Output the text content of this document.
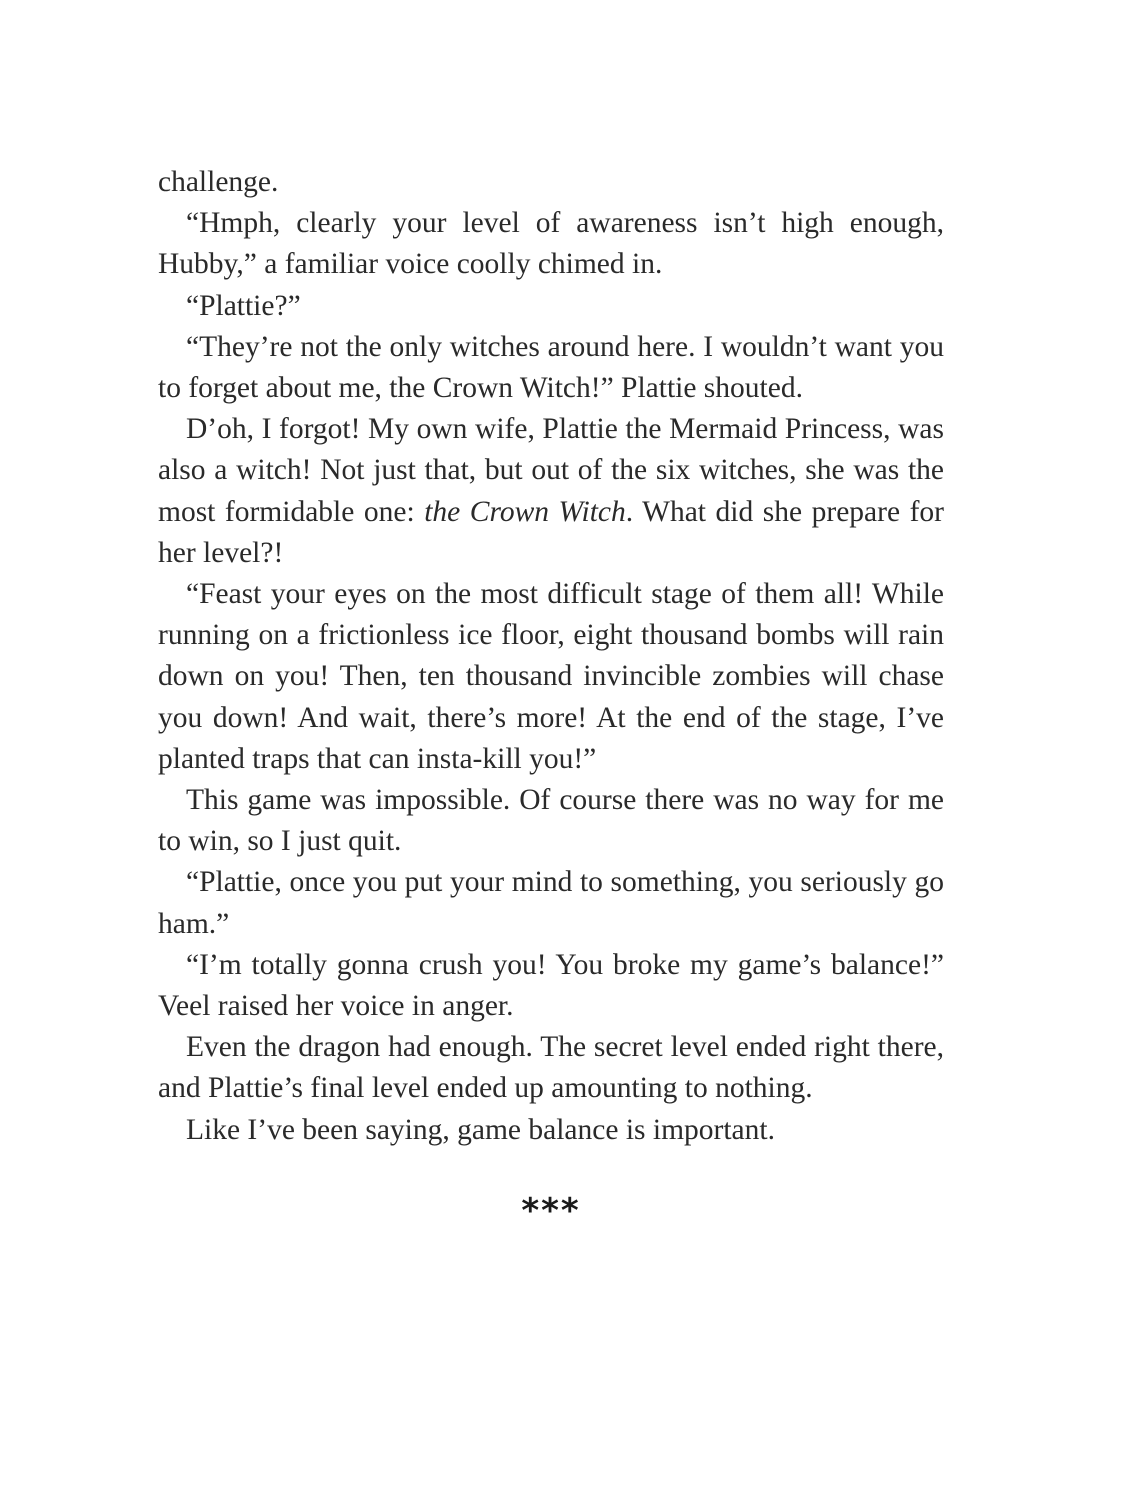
challenge.

“Hmph, clearly your level of awareness isn’t high enough, Hubby,” a familiar voice coolly chimed in.

“Plattie?”

“They’re not the only witches around here. I wouldn’t want you to forget about me, the Crown Witch!” Plattie shouted.

D’oh, I forgot! My own wife, Plattie the Mermaid Princess, was also a witch! Not just that, but out of the six witches, she was the most formidable one: the Crown Witch. What did she prepare for her level?!

“Feast your eyes on the most difficult stage of them all! While running on a frictionless ice floor, eight thousand bombs will rain down on you! Then, ten thousand invincible zombies will chase you down! And wait, there’s more! At the end of the stage, I’ve planted traps that can insta-kill you!”

This game was impossible. Of course there was no way for me to win, so I just quit.

“Plattie, once you put your mind to something, you seriously go ham.”

“I’m totally gonna crush you! You broke my game’s balance!” Veel raised her voice in anger.

Even the dragon had enough. The secret level ended right there, and Plattie’s final level ended up amounting to nothing.

Like I’ve been saying, game balance is important.

***
